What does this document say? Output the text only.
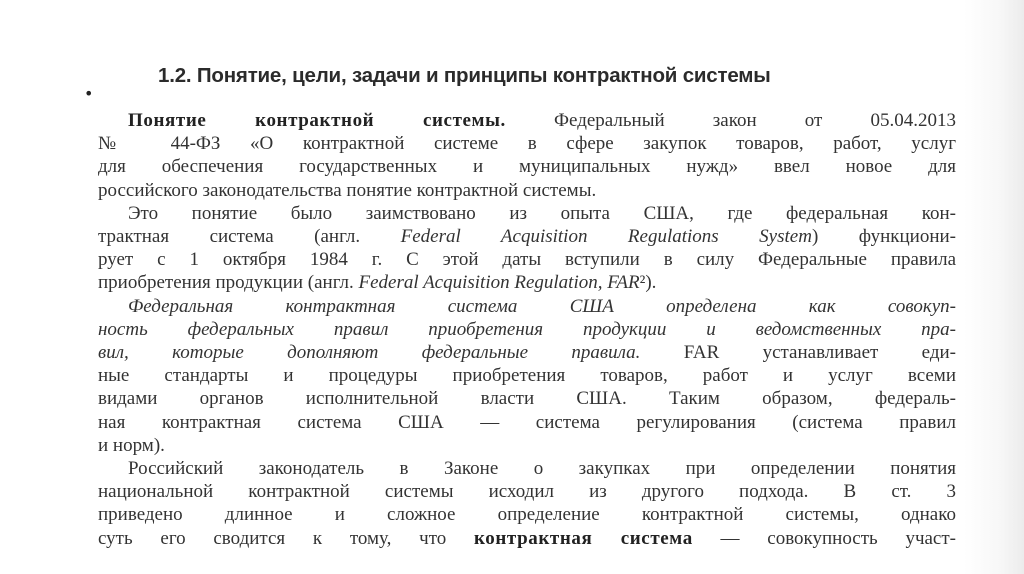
•
1.2. Понятие, цели, задачи и принципы контрактной системы
Понятие контрактной системы. Федеральный закон от 05.04.2013
№ 44-ФЗ «О контрактной системе в сфере закупок товаров, работ, услуг
для обеспечения государственных и муниципальных нужд» ввел новое для
российского законодательства понятие контрактной системы.
Это понятие было заимствовано из опыта США, где федеральная кон-
трактная система (англ. Federal Acquisition Regulations System) функциони-
рует с 1 октября 1984 г. С этой даты вступили в силу Федеральные правила
приобретения продукции (англ. Federal Acquisition Regulation, FAR²).
Федеральная контрактная система США определена как совокуп-
ность федеральных правил приобретения продукции и ведомственных пра-
вил, которые дополняют федеральные правила. FAR устанавливает еди-
ные стандарты и процедуры приобретения товаров, работ и услуг всеми
видами органов исполнительной власти США. Таким образом, федераль-
ная контрактная система США — система регулирования (система правил
и норм).
Российский законодатель в Законе о закупках при определении понятия
национальной контрактной системы исходил из другого подхода. В ст. 3
приведено длинное и сложное определение контрактной системы, однако
суть его сводится к тому, что контрактная система — совокупность участ-
